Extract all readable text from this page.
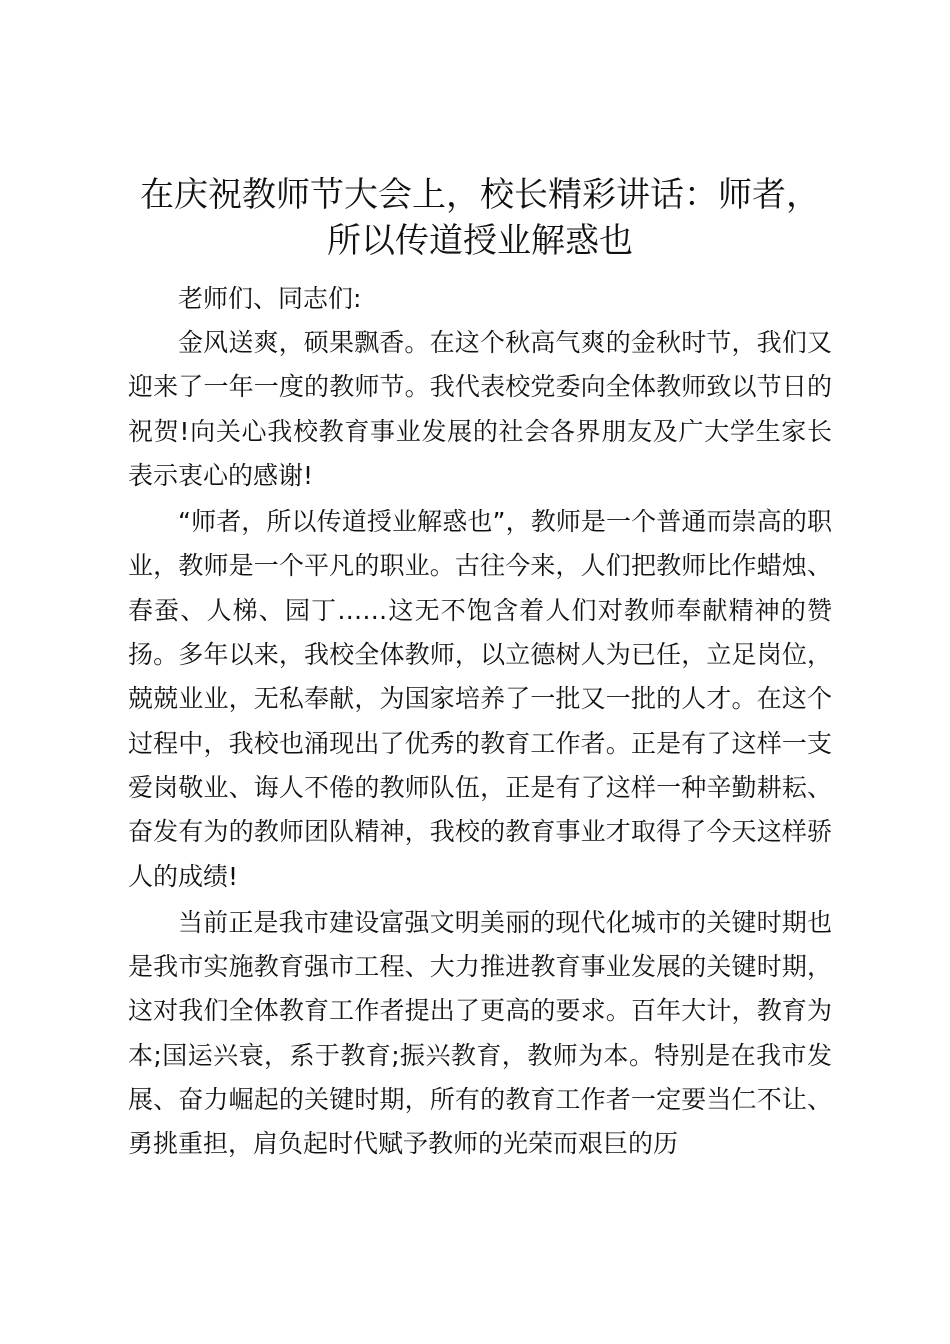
在庆祝教师节大会上，校长精彩讲话：师者，
所以传道授业解惑也

老师们、同志们:

金风送爽，硕果飘香。在这个秋高气爽的金秋时节，我们又迎来了一年一度的教师节。我代表校党委向全体教师致以节日的祝贺!向关心我校教育事业发展的社会各界朋友及广大学生家长表示衷心的感谢!

“师者，所以传道授业解惑也”，教师是一个普通而崇高的职业，教师是一个平凡的职业。古往今来，人们把教师比作蜡烛、春蚕、人梯、园丁……这无不饱含着人们对教师奉献精神的赞扬。多年以来，我校全体教师，以立德树人为已任，立足岗位，兢兢业业，无私奉献，为国家培养了一批又一批的人才。在这个过程中，我校也涌现出了优秀的教育工作者。正是有了这样一支爱岗敬业、诲人不倦的教师队伍，正是有了这样一种辛勤耕耘、奋发有为的教师团队精神，我校的教育事业才取得了今天这样骄人的成绩!

当前正是我市建设富强文明美丽的现代化城市的关键时期也是我市实施教育强市工程、大力推进教育事业发展的关键时期，这对我们全体教育工作者提出了更高的要求。百年大计，教育为本;国运兴衰，系于教育;振兴教育，教师为本。特别是在我市发展、奋力崛起的关键时期，所有的教育工作者一定要当仁不让、勇挑重担，肩负起时代赋予教师的光荣而艰巨的历
